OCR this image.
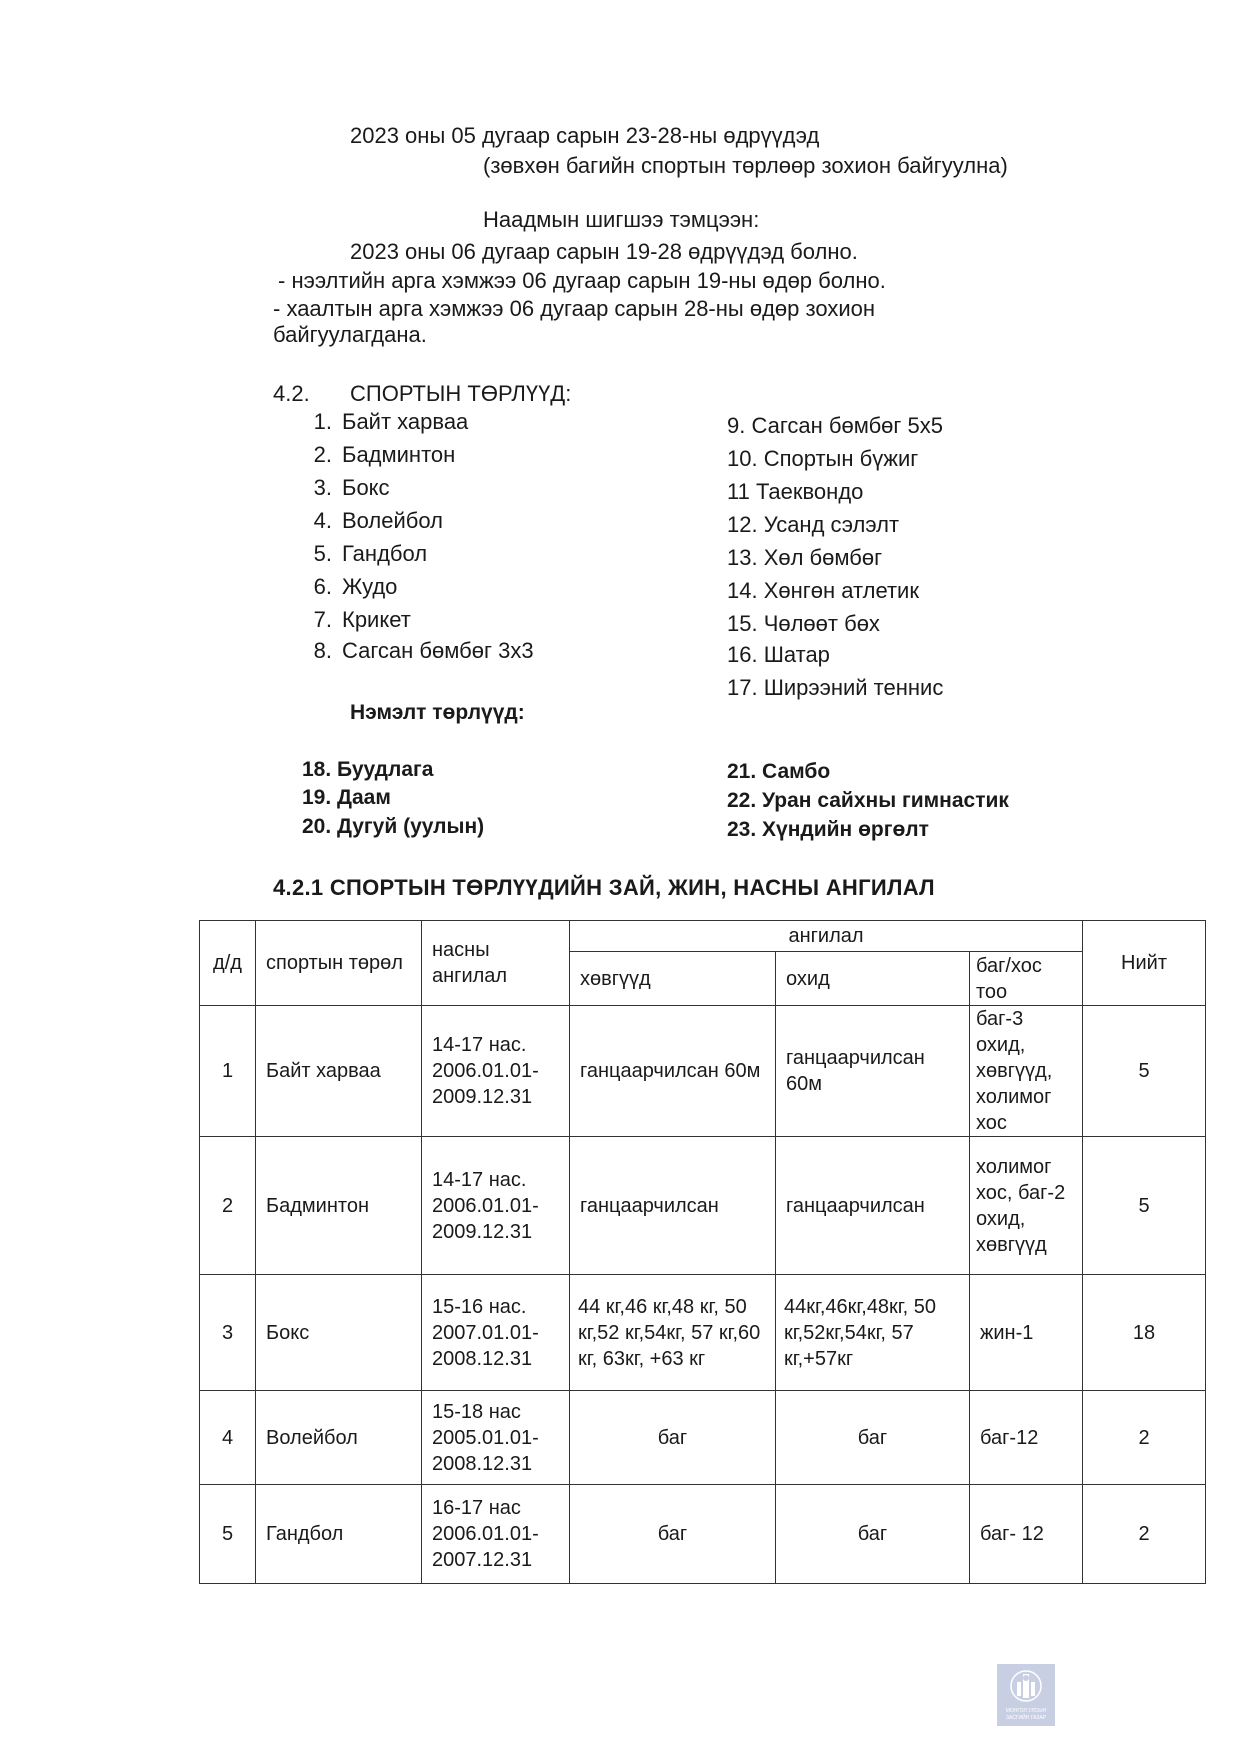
2023 оны 05 дугаар сарын 23-28-ны өдрүүдэд
(зөвхөн багийн спортын төрлөөр зохион байгуулна)
Наадмын шигшээ тэмцээн:
2023 оны 06 дугаар сарын 19-28 өдрүүдэд болно.
- нээлтийн арга хэмжээ 06 дугаар сарын 19-ны өдөр болно.
- хаалтын арга хэмжээ 06 дугаар сарын 28-ны өдөр зохион
байгуулагдана.
4.2. СПОРТЫН ТӨРЛҮҮД:
1. Байт харваа
2. Бадминтон
3. Бокс
4. Волейбол
5. Гандбол
6. Жудо
7. Крикет
8. Сагсан бөмбөг 3х3
9. Сагсан бөмбөг 5х5
10. Спортын бүжиг
11 Таеквондо
12. Усанд сэлэлт
13. Хөл бөмбөг
14. Хөнгөн атлетик
15. Чөлөөт бөх
16. Шатар
17. Ширээний теннис
Нэмэлт төрлүүд:
18. Буудлага
19. Даам
20. Дугуй (уулын)
21. Самбо
22. Уран сайхны гимнастик
23. Хүндийн өргөлт
4.2.1 СПОРТЫН ТӨРЛҮҮДИЙН ЗАЙ, ЖИН, НАСНЫ АНГИЛАЛ
д/д	спортын төрөл	насны ангилал	ангилал			Нийт
			хөвгүүд	охид	баг/хос тоо	
1	Байт харваа	14-17 нас. 2006.01.01-2009.12.31	ганцаарчилсан 60м	ганцаарчилсан 60м	баг-3 охид, хөвгүүд, холимог хос	5
2	Бадминтон	14-17 нас. 2006.01.01-2009.12.31	ганцаарчилсан	ганцаарчилсан	холимог хос, баг-2 охид, хөвгүүд	5
3	Бокс	15-16 нас. 2007.01.01-2008.12.31	44 кг,46 кг,48 кг, 50 кг,52 кг,54кг, 57 кг,60 кг, 63кг, +63 кг	44кг,46кг,48кг, 50 кг,52кг,54кг, 57 кг,+57кг	жин-1	18
4	Волейбол	15-18 нас 2005.01.01-2008.12.31	баг	баг	баг-12	2
5	Гандбол	16-17 нас 2006.01.01-2007.12.31	баг	баг	баг- 12	2
МОНГОЛ УЛСЫН
ЗАСГИЙН ГАЗАР
